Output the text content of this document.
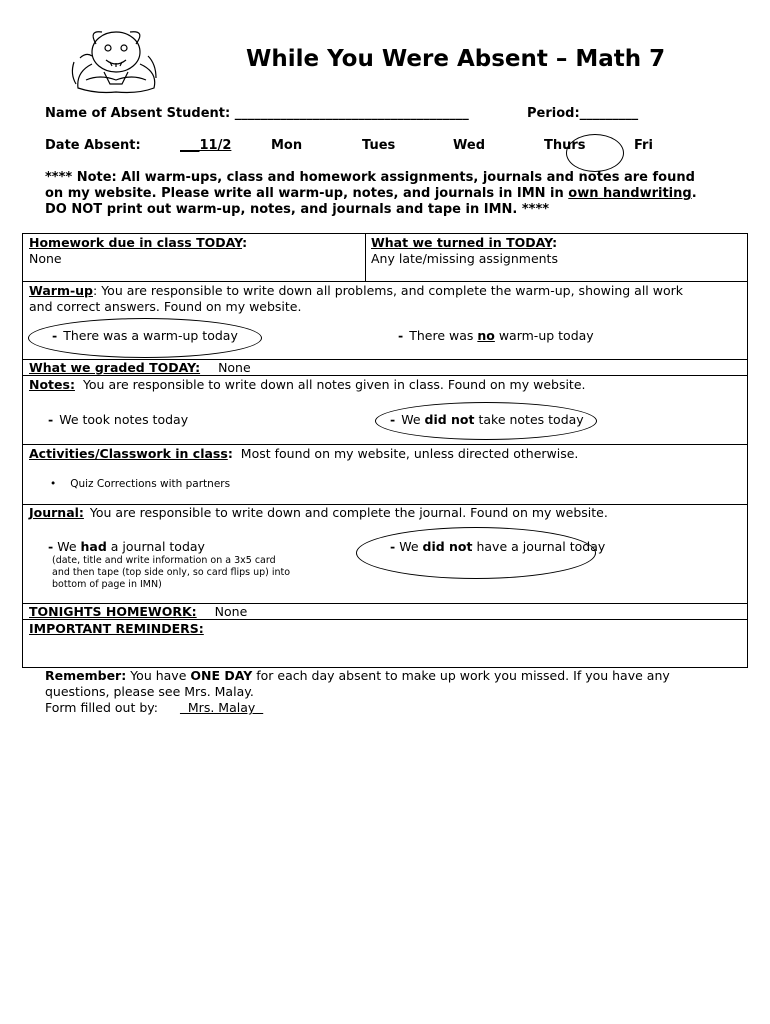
While You Were Absent – Math 7
Name of Absent Student: ____________________________________	Period:_________
Date Absent:	___11/2	Mon	Tues	Wed	Thurs	Fri
**** Note: All warm-ups, class and homework assignments, journals and notes are found
on my website. Please write all warm-up, notes, and journals in IMN in own handwriting.
DO NOT print out warm-up, notes, and journals and tape in IMN. ****
Homework due in class TODAY:
None
What we turned in TODAY:
Any late/missing assignments
Warm-up: You are responsible to write down all problems, and complete the warm-up, showing all work
and correct answers. Found on my website.
- There was a warm-up today	- There was no warm-up today
What we graded TODAY: None
Notes: You are responsible to write down all notes given in class. Found on my website.
- We took notes today	- We did not take notes today
Activities/Classwork in class: Most found on my website, unless directed otherwise.
• Quiz Corrections with partners
Journal: You are responsible to write down and complete the journal. Found on my website.
- We had a journal today
(date, title and write information on a 3x5 card
and then tape (top side only, so card flips up) into
bottom of page in IMN)
- We did not have a journal today
TONIGHTS HOMEWORK: None
IMPORTANT REMINDERS:
Remember: You have ONE DAY for each day absent to make up work you missed. If you have any
questions, please see Mrs. Malay.
Form filled out by:   Mrs. Malay
